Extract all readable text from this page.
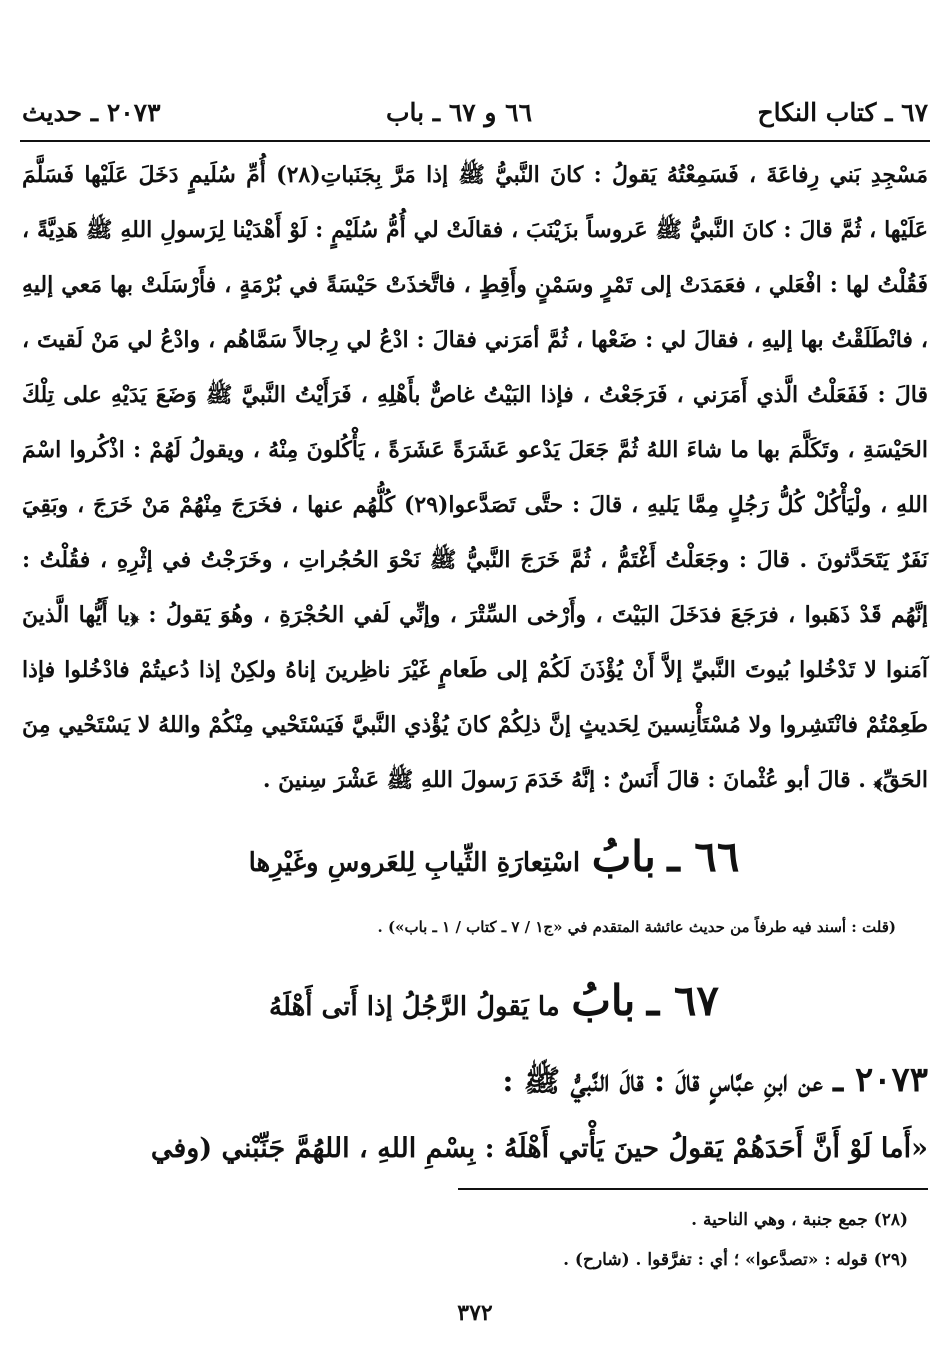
٦٧ ـ كتاب النكاح
٦٦ و ٦٧ ـ باب
٢٠٧٣ ـ حديث
مَسْجِدِ بَني رِفاعَةَ ، فَسَمِعْتُهُ يَقولُ : كانَ النَّبيُّ ﷺ إذا مَرَّ بِجَنَباتِ(٢٨) أُمِّ سُلَيمٍ دَخَلَ عَلَيْها فَسَلَّمَ عَلَيْها ، ثُمَّ قالَ : كانَ النَّبيُّ ﷺ عَروساً بزَيْنَبَ ، فقالَتْ لي أُمُّ سُلَيْمٍ : لَوْ أَهْدَيْنا لِرَسولِ اللهِ ﷺ هَدِيَّةً ، فَقُلْتُ لها : افْعَلي ، فعَمَدَتْ إلى تَمْرٍ وسَمْنٍ وأَقِطٍ ، فاتَّخذَتْ حَيْسَةً في بُرْمَةٍ ، فأَرْسَلَتْ بها مَعي إليهِ ، فانْطَلَقْتُ بها إليهِ ، فقالَ لي : ضَعْها ، ثُمَّ أمَرَني فقالَ : ادْعُ لي رِجالاً سَمَّاهُم ، وادْعُ لي مَنْ لَقيتَ ، قالَ : فَفَعَلْتُ الَّذي أَمَرَني ، فَرَجَعْتُ ، فإذا البَيْتُ غاصٌّ بأَهْلِهِ ، فَرَأَيْتُ النَّبيَّ ﷺ وَضَعَ يَدَيْهِ على تِلْكَ الحَيْسَةِ ، وتَكَلَّمَ بها ما شاءَ اللهُ ثُمَّ جَعَلَ يَدْعو عَشَرَةً عَشَرَةً ، يَأْكُلونَ مِنْهُ ، ويقولُ لَهُمْ : اذْكُروا اسْمَ اللهِ ، ولْيَأْكُلْ كُلُّ رَجُلٍ مِمَّا يَليهِ ، قالَ : حتَّى تَصَدَّعوا(٢٩) كُلُّهُم عنها ، فخَرَجَ مِنْهُمْ مَنْ خَرَجَ ، وبَقِيَ نَفَرٌ يَتَحَدَّثونَ . قالَ : وجَعَلْتُ أَغْتَمُّ ، ثُمَّ خَرَجَ النَّبيُّ ﷺ نَحْوَ الحُجُراتِ ، وخَرَجْتُ في إثْرِهِ ، فقُلْتُ : إنَّهُم قَدْ ذَهَبوا ، فرَجَعَ فدَخَلَ البَيْتَ ، وأَرْخى السِّتْرَ ، وإنِّي لَفي الحُجْرَةِ ، وهُوَ يَقولُ : ﴿يا أَيُّها الَّذينَ آمَنوا لا تَدْخُلوا بُيوتَ النَّبيِّ إلاَّ أَنْ يُؤْذَنَ لَكُمْ إلى طَعامٍ غَيْرَ ناظِرينَ إناهُ ولكِنْ إذا دُعيتُمْ فادْخُلوا فإذا طَعِمْتُمْ فانْتَشِروا ولا مُسْتَأْنِسينَ لِحَديثٍ إنَّ ذلِكُمْ كانَ يُؤْذي النَّبيَّ فَيَسْتَحْيي مِنْكُمْ واللهُ لا يَسْتَحْيي مِنَ الحَقِّ﴾ . قالَ أبو عُثْمانَ : قالَ أَنَسٌ : إنَّهُ خَدَمَ رَسولَ اللهِ ﷺ عَشْرَ سِنينَ .
٦٦ ـ بابُ اسْتِعارَةِ الثِّيابِ لِلعَروسِ وغَيْرِها
(قلت : أسند فيه طرفاً من حديث عائشة المتقدم في «ج١ / ٧ ـ كتاب / ١ ـ باب») .
٦٧ ـ بابُ ما يَقولُ الرَّجُلُ إذا أَتى أَهْلَهُ
٢٠٧٣ ـ عن ابنِ عبَّاسٍ قالَ : قالَ النَّبيُّ ﷺ :
«أَما لَوْ أَنَّ أَحَدَهُمْ يَقولُ حينَ يَأْتي أَهْلَهُ : بِسْمِ اللهِ ، اللهُمَّ جَنِّبْني (وفي
(٢٨) جمع جنبة ، وهي الناحية .
(٢٩) قوله : «تصدَّعوا» ؛ أي : تفرَّقوا . (شارح) .
٣٧٢
